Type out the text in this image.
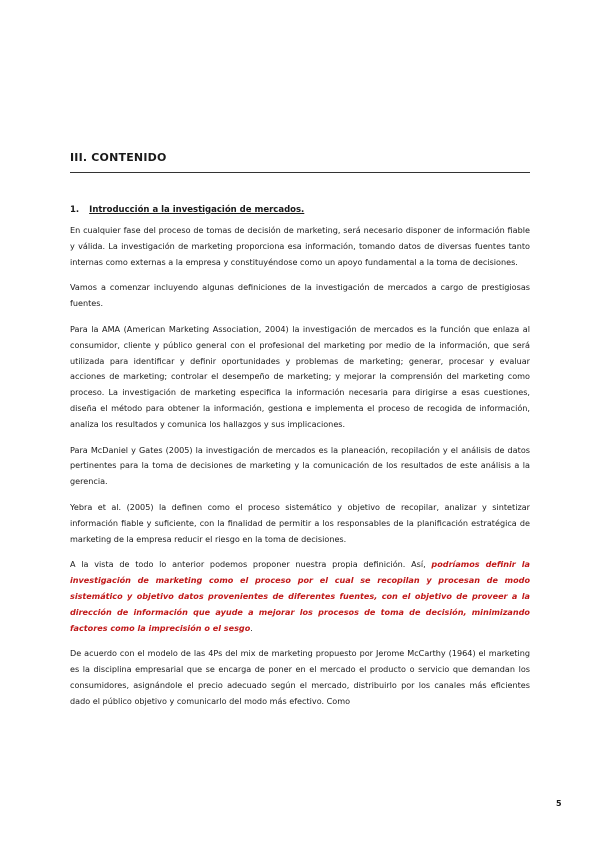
III. CONTENIDO
1. Introducción a la investigación de mercados.

En cualquier fase del proceso de tomas de decisión de marketing, será necesario disponer de información fiable y válida. La investigación de marketing proporciona esa información, tomando datos de diversas fuentes tanto internas como externas a la empresa y constituyéndose como un apoyo fundamental a la toma de decisiones.

Vamos a comenzar incluyendo algunas definiciones de la investigación de mercados a cargo de prestigiosas fuentes.

Para la AMA (American Marketing Association, 2004) la investigación de mercados es la función que enlaza al consumidor, cliente y público general con el profesional del marketing por medio de la información, que será utilizada para identificar y definir oportunidades y problemas de marketing; generar, procesar y evaluar acciones de marketing; controlar el desempeño de marketing; y mejorar la comprensión del marketing como proceso. La investigación de marketing especifica la información necesaria para dirigirse a esas cuestiones, diseña el método para obtener la información, gestiona e implementa el proceso de recogida de información, analiza los resultados y comunica los hallazgos y sus implicaciones.

Para McDaniel y Gates (2005) la investigación de mercados es la planeación, recopilación y el análisis de datos pertinentes para la toma de decisiones de marketing y la comunicación de los resultados de este análisis a la gerencia.

Yebra et al. (2005) la definen como el proceso sistemático y objetivo de recopilar, analizar y sintetizar información fiable y suficiente, con la finalidad de permitir a los responsables de la planificación estratégica de marketing de la empresa reducir el riesgo en la toma de decisiones.

A la vista de todo lo anterior podemos proponer nuestra propia definición. Así, podríamos definir la investigación de marketing como el proceso por el cual se recopilan y procesan de modo sistemático y objetivo datos provenientes de diferentes fuentes, con el objetivo de proveer a la dirección de información que ayude a mejorar los procesos de toma de decisión, minimizando factores como la imprecisión o el sesgo.

De acuerdo con el modelo de las 4Ps del mix de marketing propuesto por Jerome McCarthy (1964) el marketing es la disciplina empresarial que se encarga de poner en el mercado el producto o servicio que demandan los consumidores, asignándole el precio adecuado según el mercado, distribuirlo por los canales más eficientes dado el público objetivo y comunicarlo del modo más efectivo. Como

5
